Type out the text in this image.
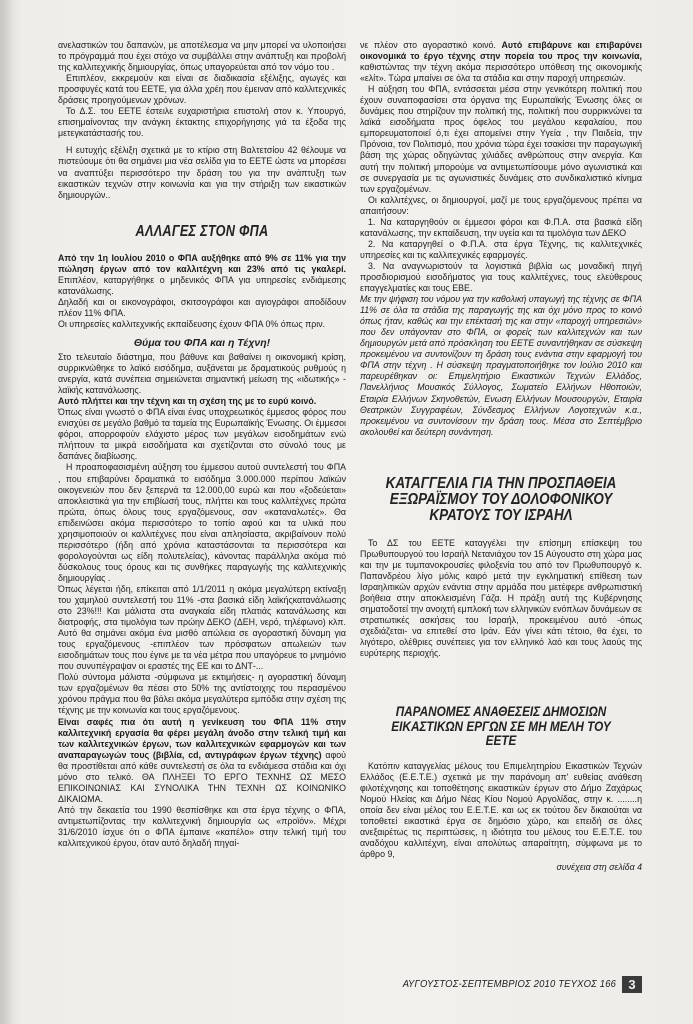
ανελαστικών του δαπανών, με αποτέλεσμα να μην μπορεί να υλοποιήσει το πρόγραμμά που έχει στόχο να συμβάλλει στην ανάπτυξη και προβολή της καλλιτεχνικής δημιουργίας, όπως υπαγορεύεται από τον νόμο του .

Επιπλέον, εκκρεμούν και είναι σε διαδικασία εξέλιξης, αγωγές και προσφυγές κατά του ΕΕΤΕ, για άλλα χρέη που έμειναν από καλλιτεχνικές δράσεις προηγούμενων χρόνων.

Το Δ.Σ. του ΕΕΤΕ έστειλε ευχαριστήρια επιστολή στον κ. Υπουργό, επισημαίνοντας την ανάγκη έκτακτης επιχορήγησης γιά τα έξοδα της μετεγκατάστασής του.

Η ευτυχής εξέλιξη σχετικά με το κτίριο στη Βαλτετσίου 42 θέλουμε να πιστεύουμε ότι θα σημάνει μια νέα σελίδα για το ΕΕΤΕ ώστε να μπορέσει να αναπτύξει περισσότερο την δράση του για την ανάπτυξη των εικαστικών τεχνών στην κοινωνία και για την στήριξη των εικαστικών δημιουργών..

ΑΛΛΑΓΕΣ ΣΤΟΝ ΦΠΑ

Από την 1η Ιουλίου 2010 ο ΦΠΑ αυξήθηκε από 9% σε 11% για την πώληση έργων από τον καλλιτέχνη και 23% από τις γκαλερί. Επιπλέον, καταργήθηκε ο μηδενικός ΦΠΑ για υπηρεσίες ενδιάμεσης κατανάλωσης.

Δηλαδή και οι εικονογράφοι, σκιτσογράφοι και αγιογράφοι αποδίδουν πλέον 11% ΦΠΑ.

Οι υπηρεσίες καλλιτεχνικής εκπαίδευσης έχουν ΦΠΑ 0% όπως πριν.

Θύμα του ΦΠΑ και η Τέχνη!

Στο τελευταίο διάστημα, που βάθυνε και βαθαίνει η οικονομική κρίση, συρρικνώθηκε το λαϊκό εισόδημα, αυξάνεται με δραματικούς ρυθμούς η ανεργία, κατά συνέπεια σημειώνεται σημαντική μείωση της «ιδωτικής» - λαϊκής κατανάλωσης.

Αυτό πλήττει και την τέχνη και τη σχέση της με το ευρύ κοινό.

Όπως είναι γνωστό ο ΦΠΑ είναι ένας υποχρεωτικός έμμεσος φόρος που ενισχύει σε μεγάλο βαθμό τα ταμεία της Ευρωπαϊκής Ένωσης. Οι έμμεσοι φόροι, απορροφούν ελάχιστο μέρος των μεγάλων εισοδημάτων ενώ πλήττουν τα μικρά εισοδήματα και σχετίζονται στο σύνολό τους με δαπάνες διαβίωσης.

Η προαποφασισμένη αύξηση του έμμεσου αυτού συντελεστή του ΦΠΑ , που επιβαρύνει δραματικά το εισόδημα 3.000.000 περίπου λαϊκών οικογενειών που δεν ξεπερνά τα 12.000,00 ευρώ και που «ξοδεύεται» αποκλειστικά για την επιβίωσή τους, πλήττει και τους καλλιτέχνες πρώτα πρώτα, όπως όλους τους εργαζόμενους, σαν «καταναλωτές». Θα επιδεινώσει ακόμα περισσότερο το τοπίο αφού και τα υλικά που χρησιμοποιούν οι καλλιτέχνες που είναι απλησίαστα, ακριβαίνουν πολύ περισσότερο (ήδη από χρόνια καταστάσονται τα περισσότερα και φορολογούνται ως είδη πολυτελείας), κάνοντας παράλληλα ακόμα πιό δύσκολους τους όρους και τις συνθήκες παραγωγής της καλλιτεχνικής δημιουργίας .

Όπως λέγεται ήδη, επίκειται από 1/1/2011 η ακόμα μεγαλύτερη εκτίναξη του χαμηλού συντελεστή του 11% -στα βασικά είδη λαϊκήςκατανάλωσης στο 23%!!! Και μάλιστα στα αναγκαία είδη πλατιάς κατανάλωσης και διατροφής, στα τιμολόγια των πρώην ΔΕΚΟ (ΔΕΗ, νερό, τηλέφωνο) κλπ. Αυτό θα σημάνει ακόμα ένα μισθό απώλεια σε αγοραστική δύναμη για τους εργαζόμενους -επιπλέον των πρόσφατων απωλειών των εισοδημάτων τους που έγινε με τα νέα μέτρα που υπαγόρευε το μνημόνιο που συνυπέγραψαν οι εραστές της ΕΕ και το ΔΝΤ-...

Πολύ σύντομα μάλιστα -σύμφωνα με εκτιμήσεις- η αγοραστική δύναμη των εργαζομένων θα πέσει στο 50% της αντίστοιχης του περασμένου χρόνου πράγμα που θα βάλει ακόμα μεγαλύτερα εμπόδια στην σχέση της τέχνης με την κοινωνία και τους εργαζόμενους.

Είναι σαφές πια ότι αυτή η γενίκευση του ΦΠΑ 11% στην καλλιτεχνική εργασία θα φέρει μεγάλη άνοδο στην τελική τιμή και των καλλιτεχνικών έργων, των καλλιτεχνικών εφαρμογών και των αναπαραγωγών τους (βιβλία, cd, αντιγράφων έργων τέχνης) αφού θα προστίθεται από κάθε συντελεστή σε όλα τα ενδιάμεσα στάδια και όχι μόνο στο τελικό. ΘΑ ΠΛΗΞΕΙ ΤΟ ΕΡΓΟ ΤΕΧΝΗΣ ΩΣ ΜΕΣΟ ΕΠΙΚΟΙΝΩΝΙΑΣ ΚΑΙ ΣΥΝΟΛΙΚΑ ΤΗΝ ΤΕΧΝΗ ΩΣ ΚΟΙΝΩΝΙΚΟ ΔΙΚΑΙΩΜΑ.

Από την δεκαετία του 1990 θεσπίσθηκε και στα έργα τέχνης ο ΦΠΑ, αντιμετωπίζοντας την καλλιτεχνική δημιουργία ως «προϊόν». Μέχρι 31/6/2010 ίσχυε ότι ο ΦΠΑ έμπαινε «καπέλο» στην τελική τιμή του καλλιτεχνικού έργου, όταν αυτό δηλαδή πηγαί-

νε πλέον στο αγοραστικό κοινό. Αυτό επιβάρυνε και επιβαρύνει οικονομικά το έργο τέχνης στην πορεία του προς την κοινωνία, καθιστώντας την τέχνη ακόμα περισσότερο υπόθεση της οικονομικής «ελίτ». Τώρα μπαίνει σε όλα τα στάδια και στην παροχή υπηρεσιών.

Η αύξηση του ΦΠΑ, εντάσσεται μέσα στην γενικότερη πολιτική που έχουν συναποφασίσει στα όργανα της Ευρωπαϊκής Ένωσης όλες οι δυνάμεις που στηρίζουν την πολιτική της, πολιτική που συρρικνώνει τα λαϊκά εισοδήματα προς όφελος του μεγάλου κεφαλαίου, που εμπορευματοποιεί ό,τι έχει απομείνει στην Υγεία , την Παιδεία, την Πρόνοια, τον Πολιτισμό, που χρόνια τώρα έχει τσακίσει την παραγωγική βάση της χώρας οδηγώντας χιλιάδες ανθρώπους στην ανεργία. Και αυτή την πολιτική μπορούμε να αντιμετωπίσουμε μόνο αγωνιστικά και σε συνεργασία με τις αγωνιστικές δυνάμεις στο συνδικαλιστικό κίνημα των εργαζομένων.

Οι καλλιτέχνες, οι δημιουργοί, μαζί με τους εργαζόμενους πρέπει να απαιτήσουν:

1. Να καταργηθούν οι έμμεσοι φόροι και Φ.Π.Α. στα βασικά είδη κατανάλωσης, την εκπαίδευση, την υγεία και τα τιμολόγια των ΔΕΚΟ

2. Να καταργηθεί ο Φ.Π.Α. στα έργα Τέχνης, τις καλλιτεχνικές υπηρεσίες και τις καλλιτεχνικές εφαρμογές.

3. Να αναγνωριστούν τα λογιστικά βιβλία ως μοναδική πηγή προσδιορισμού εισοδήματος για τους καλλιτέχνες, τους ελεύθερους επαγγελματίες και τους ΕΒΕ.

Με την ψήφιση του νόμου για την καθολική υπαγωγή της τέχνης σε ΦΠΑ 11% σε όλα τα στάδια της παραγωγής της και όχι μόνο προς το κοινό όπως ήταν, καθώς και την επέκτασή της και στην «παροχή υπηρεσιών» που δεν υπάγονταν στο ΦΠΑ, οι φορείς των καλλιτεχνών και των δημιουργών μετά από πρόσκληση του ΕΕΤΕ συναντήθηκαν σε σύσκεψη προκειμένου να συντονίζουν τη δράση τους ενάντια στην εφαρμογή του ΦΠΑ στην τέχνη . Η σύσκεψη πραγματοποιήθηκε τον Ιούλιο 2010 και παρευρέθηκαν οι: Επιμελητήριο Εικαστικών Τεχνών Ελλάδος, Πανελλήνιος Μουσικός Σύλλογος, Σωματείο Ελλήνων Ηθοποιών, Εταιρία Ελλήνων Σκηνοθετών, Ενωση Ελλήνων Μουσουργών, Εταιρία Θεατρικών Συγγραφέων, Σύνδεσμος Ελλήνων Λογοτεχνών κ.α., προκειμένου να συντονίσουν την δράση τους. Μέσα στο Σεπτέμβριο ακολουθεί και δεύτερη συνάντηση.

ΚΑΤΑΓΓΕΛΙΑ ΓΙΑ ΤΗΝ ΠΡΟΣΠΑΘΕΙΑ
ΕΞΩΡΑΪΣΜΟΥ ΤΟΥ ΔΟΛΟΦΟΝΙΚΟΥ
ΚΡΑΤΟΥΣ ΤΟΥ ΙΣΡΑΗΛ

Το ΔΣ του ΕΕΤΕ καταγγέλει την επίσημη επίσκεψη του Πρωθυπουργού του Ισραήλ Νετανιάχου τον 15 Αύγουστο στη χώρα μας και την με τυμπανοκρουσίες φιλοξενία του από τον Πρωθυπουργό κ. Παπανδρέου λίγο μόλις καιρό μετά την εγκληματική επίθεση των Ισραηλιτικών αρχών ενάντια στην αρμάδα που μετέφερε ανθρωπιστική βοήθεια στην αποκλεισμένη Γάζα. Η πράξη αυτή της Κυβέρνησης σηματοδοτεί την ανοιχτή εμπλοκή των ελληνικών ενόπλων δυνάμεων σε στρατιωτικές ασκήσεις του Ισραήλ, προκειμένου αυτό -όπως σχεδιάζεται- να επιτεθεί στο Ιράν. Εάν γίνει κάτι τέτοιο, θα έχει, το λιγότερο, ολέθριες συνέπειες για τον ελληνικό λαό και τους λαούς της ευρύτερης περιοχής.

ΠΑΡΑΝΟΜΕΣ ΑΝΑΘΕΣΕΙΣ ΔΗΜΟΣΙΩΝ
ΕΙΚΑΣΤΙΚΩΝ ΕΡΓΩΝ ΣΕ ΜΗ ΜΕΛΗ ΤΟΥ ΕΕΤΕ

Κατόπιν καταγγελίας μέλους του Επιμελητηρίου Εικαστικών Τεχνών Ελλάδος (Ε.Ε.Τ.Ε.) σχετικά με την παράνομη απ' ευθείας ανάθεση φιλοτέχνησης και τοποθέτησης εικαστικών έργων στο Δήμο Ζαχάρως Νομού Ηλείας και Δήμο Νέας Κίου Νομού Αργολίδας, στην κ. ........η οποία δεν είναι μέλος του Ε.Ε.Τ.Ε. και ως εκ τούτου δεν δικαιούται να τοποθετεί εικαστικά έργα σε δημόσιο χώρο, και επειδή σε όλες ανεξαιρέτως τις περιπτώσεις, η ιδιότητα του μέλους του Ε.Ε.Τ.Ε. του αναδόχου καλλιτέχνη, είναι απολύτως απαραίτητη, σύμφωνα με το άρθρο 9,

συνέχεια στη σελίδα 4
ΑΥΓΟΥΣΤΟΣ-ΣΕΠΤΕΜΒΡΙΟΣ 2010 ΤΕΥΧΟΣ 166 3
